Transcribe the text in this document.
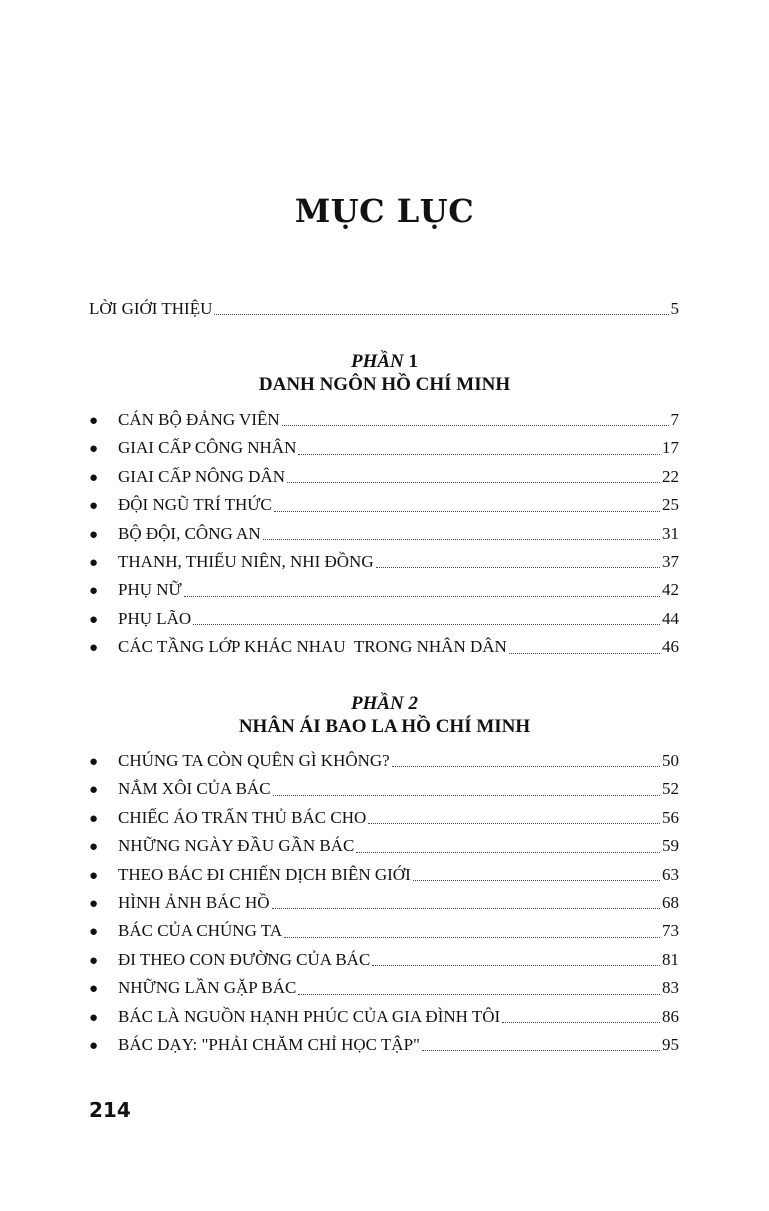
MỤC LỤC
LỜI GIỚI THIỆU	5
PHẦN 1
DANH NGÔN HỒ CHÍ MINH
●	CÁN BỘ ĐẢNG VIÊN	7
●	GIAI CẤP CÔNG NHÂN	17
●	GIAI CẤP NÔNG DÂN	22
●	ĐỘI NGŨ TRÍ THỨC	25
●	BỘ ĐỘI, CÔNG AN	31
●	THANH, THIẾU NIÊN, NHI ĐỒNG	37
●	PHỤ NỮ	42
●	PHỤ LÃO	44
●	CÁC TẦNG LỚP KHÁC NHAU  TRONG NHÂN DÂN	46
PHẦN 2
NHÂN ÁI BAO LA HỒ CHÍ MINH
●	CHÚNG TA CÒN QUÊN GÌ KHÔNG?	50
●	NẮM XÔI CỦA BÁC	52
●	CHIẾC ÁO TRẤN THỦ BÁC CHO	56
●	NHỮNG NGÀY ĐẦU GẦN BÁC	59
●	THEO BÁC ĐI CHIẾN DỊCH BIÊN GIỚI	63
●	HÌNH ẢNH BÁC HỒ	68
●	BÁC CỦA CHÚNG TA	73
●	ĐI THEO CON ĐƯỜNG CỦA BÁC	81
●	NHỮNG LẦN GẶP BÁC	83
●	BÁC LÀ NGUỒN HẠNH PHÚC CỦA GIA ĐÌNH TÔI	86
●	BÁC DẠY: "PHẢI CHĂM CHỈ HỌC TẬP"	95
214
